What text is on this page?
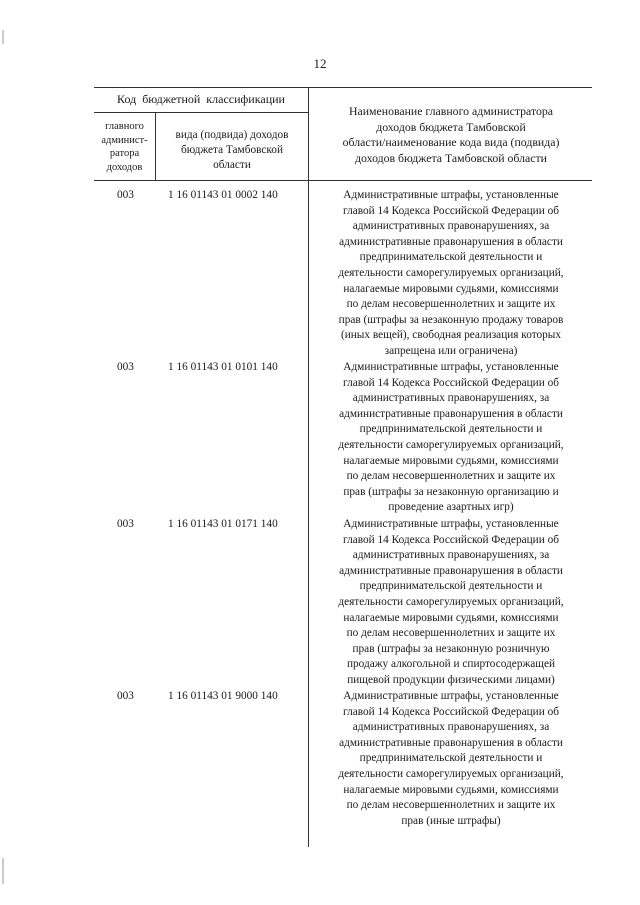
12
Код  бюджетной  классификации
главного
админист-
ратора
доходов
вида (подвида) доходов
бюджета Тамбовской
области
Наименование главного администратора
доходов бюджета Тамбовской
области/наименование кода вида (подвида)
доходов бюджета Тамбовской области
003	1 16 01143 01 0002 140	Административные штрафы, установленные
главой 14 Кодекса Российской Федерации об
административных правонарушениях, за
административные правонарушения в области
предпринимательской деятельности и
деятельности саморегулируемых организаций,
налагаемые мировыми судьями, комиссиями
по делам несовершеннолетних и защите их
прав (штрафы за незаконную продажу товаров
(иных вещей), свободная реализация которых
запрещена или ограничена)
003	1 16 01143 01 0101 140	Административные штрафы, установленные
главой 14 Кодекса Российской Федерации об
административных правонарушениях, за
административные правонарушения в области
предпринимательской деятельности и
деятельности саморегулируемых организаций,
налагаемые мировыми судьями, комиссиями
по делам несовершеннолетних и защите их
прав (штрафы за незаконную организацию и
проведение азартных игр)
003	1 16 01143 01 0171 140	Административные штрафы, установленные
главой 14 Кодекса Российской Федерации об
административных правонарушениях, за
административные правонарушения в области
предпринимательской деятельности и
деятельности саморегулируемых организаций,
налагаемые мировыми судьями, комиссиями
по делам несовершеннолетних и защите их
прав (штрафы за незаконную розничную
продажу алкогольной и спиртосодержащей
пищевой продукции физическими лицами)
003	1 16 01143 01 9000 140	Административные штрафы, установленные
главой 14 Кодекса Российской Федерации об
административных правонарушениях, за
административные правонарушения в области
предпринимательской деятельности и
деятельности саморегулируемых организаций,
налагаемые мировыми судьями, комиссиями
по делам несовершеннолетних и защите их
прав (иные штрафы)
